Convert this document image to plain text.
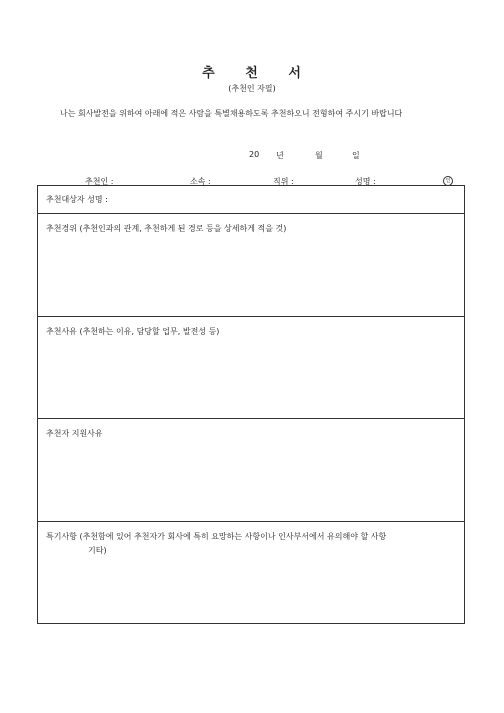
추 천 서
(추천인 자필)
나는 회사발전을 위하여 아래에 적은 사람을 특별채용하도록 추천하오니 전형하여 주시기 바랍니다
20 년	월	일
추천인 :	소속 :	직위 :	성명 :	인
추천대상자 성명 :
추천경위 (추천인과의 관계, 추천하게 된 경로 등을 상세하게 적을 것)
추천사유 (추천하는 이유, 담당할 업무, 발전성 등)
추천자 지원사유
특기사항 (추천함에 있어 추천자가 회사에 특히 요망하는 사항이나 인사부서에서 유의해야 할 사항
기타)
